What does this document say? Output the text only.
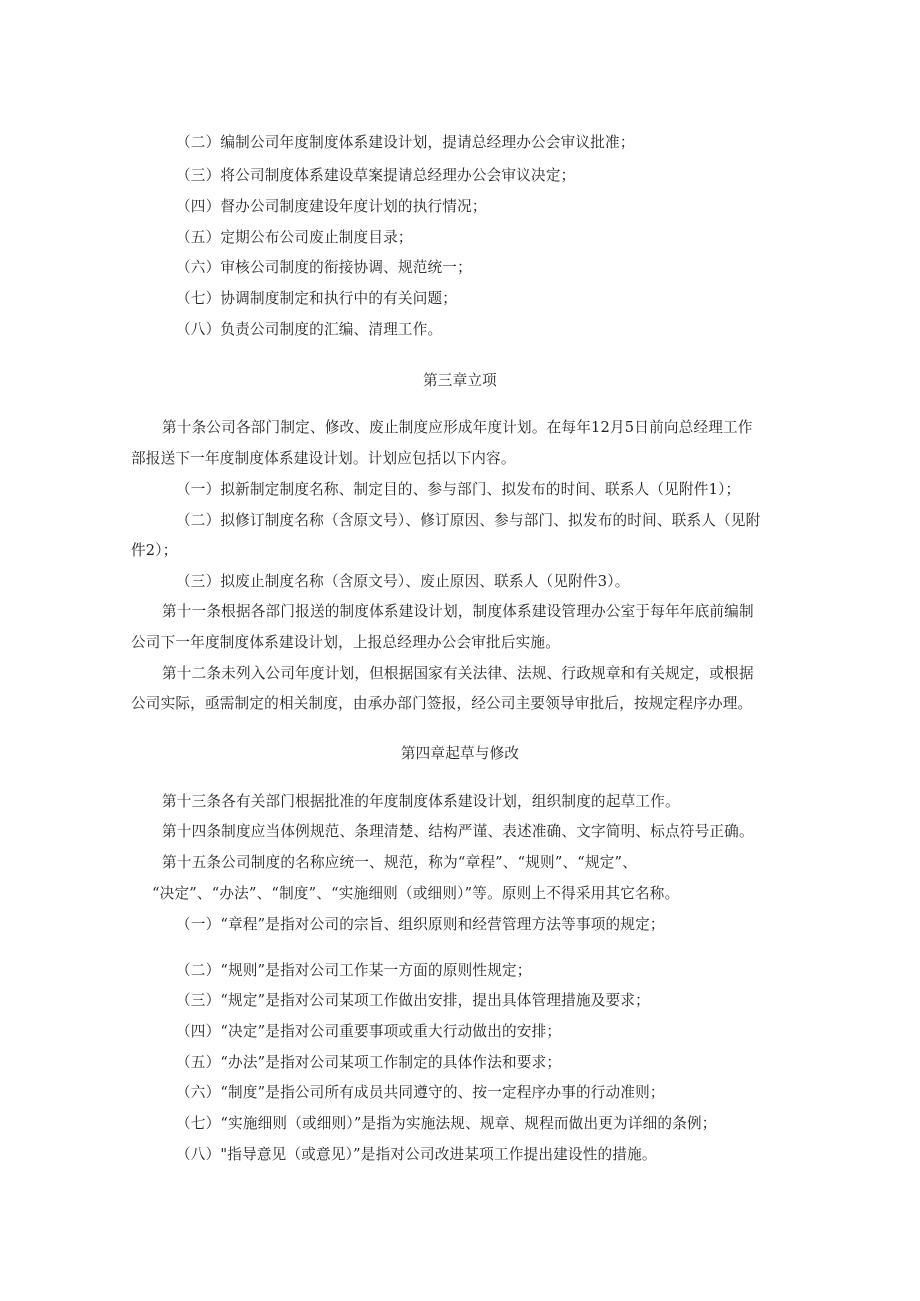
（二）编制公司年度制度体系建设计划，提请总经理办公会审议批准；
（三）将公司制度体系建设草案提请总经理办公会审议决定；
（四）督办公司制度建设年度计划的执行情况；
（五）定期公布公司废止制度目录；
（六）审核公司制度的衔接协调、规范统一；
（七）协调制度制定和执行中的有关问题；
（八）负责公司制度的汇编、清理工作。
第三章立项
第十条公司各部门制定、修改、废止制度应形成年度计划。在每年12月5日前向总经理工作
部报送下一年度制度体系建设计划。计划应包括以下内容。
（一）拟新制定制度名称、制定目的、参与部门、拟发布的时间、联系人（见附件1）；
（二）拟修订制度名称（含原文号）、修订原因、参与部门、拟发布的时间、联系人（见附
件2）；
（三）拟废止制度名称（含原文号）、废止原因、联系人（见附件3）。
第十一条根据各部门报送的制度体系建设计划，制度体系建设管理办公室于每年年底前编制
公司下一年度制度体系建设计划，上报总经理办公会审批后实施。
第十二条未列入公司年度计划，但根据国家有关法律、法规、行政规章和有关规定，或根据
公司实际，亟需制定的相关制度，由承办部门签报，经公司主要领导审批后，按规定程序办理。
第四章起草与修改
第十三条各有关部门根据批准的年度制度体系建设计划，组织制度的起草工作。
第十四条制度应当体例规范、条理清楚、结构严谨、表述准确、文字简明、标点符号正确。
第十五条公司制度的名称应统一、规范，称为“章程”、“规则”、“规定”、
“决定”、“办法”、“制度”、“实施细则（或细则）”等。原则上不得采用其它名称。
（一）“章程”是指对公司的宗旨、组织原则和经营管理方法等事项的规定；
（二）“规则”是指对公司工作某一方面的原则性规定；
（三）“规定”是指对公司某项工作做出安排，提出具体管理措施及要求；
（四）“决定”是指对公司重要事项或重大行动做出的安排；
（五）“办法”是指对公司某项工作制定的具体作法和要求；
（六）“制度”是指公司所有成员共同遵守的、按一定程序办事的行动准则；
（七）“实施细则（或细则）”是指为实施法规、规章、规程而做出更为详细的条例；
（八）"指导意见（或意见）”是指对公司改进某项工作提出建设性的措施。
